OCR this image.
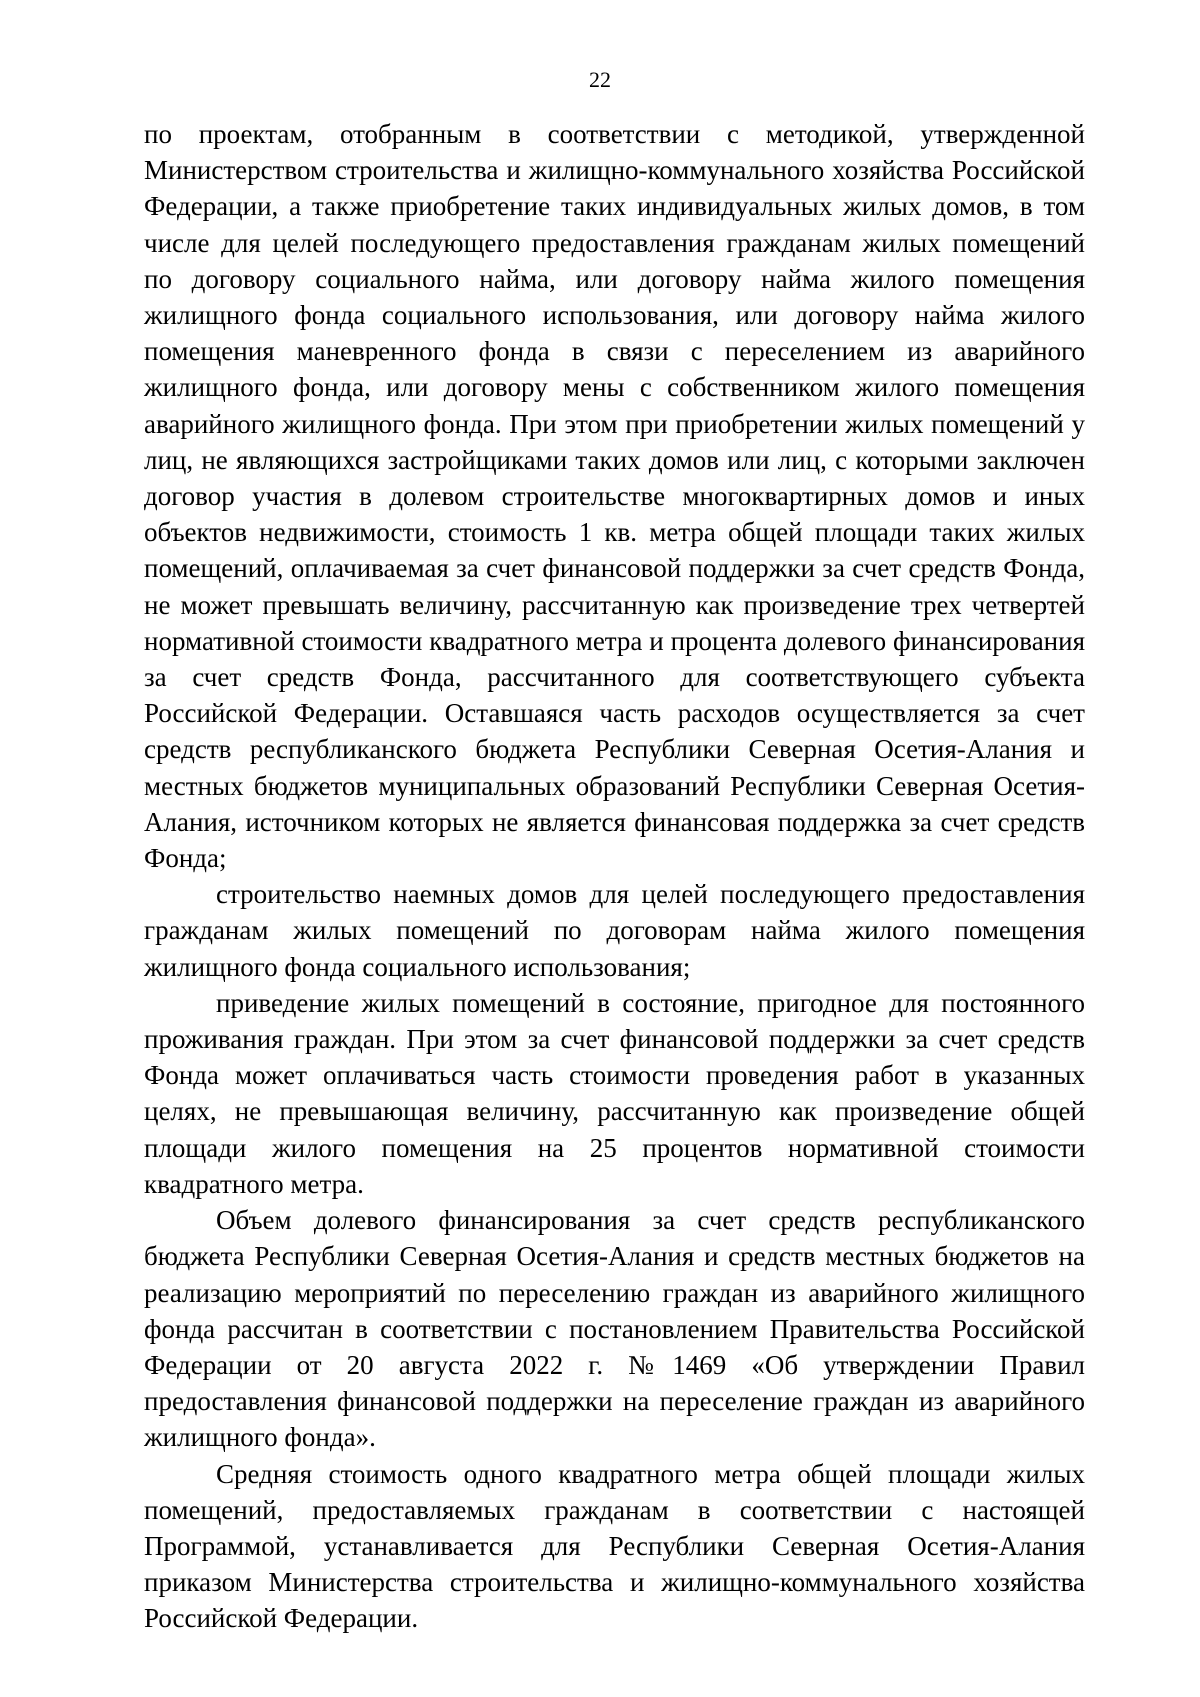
22

по проектам, отобранным в соответствии с методикой, утвержденной Министерством строительства и жилищно-коммунального хозяйства Российской Федерации, а также приобретение таких индивидуальных жилых домов, в том числе для целей последующего предоставления гражданам жилых помещений по договору социального найма, или договору найма жилого помещения жилищного фонда социального использования, или договору найма жилого помещения маневренного фонда в связи с переселением из аварийного жилищного фонда, или договору мены с собственником жилого помещения аварийного жилищного фонда. При этом при приобретении жилых помещений у лиц, не являющихся застройщиками таких домов или лиц, с которыми заключен договор участия в долевом строительстве многоквартирных домов и иных объектов недвижимости, стоимость 1 кв. метра общей площади таких жилых помещений, оплачиваемая за счет финансовой поддержки за счет средств Фонда, не может превышать величину, рассчитанную как произведение трех четвертей нормативной стоимости квадратного метра и процента долевого финансирования за счет средств Фонда, рассчитанного для соответствующего субъекта Российской Федерации. Оставшаяся часть расходов осуществляется за счет средств республиканского бюджета Республики Северная Осетия-Алания и местных бюджетов муниципальных образований Республики Северная Осетия-Алания, источником которых не является финансовая поддержка за счет средств Фонда;

строительство наемных домов для целей последующего предоставления гражданам жилых помещений по договорам найма жилого помещения жилищного фонда социального использования;

приведение жилых помещений в состояние, пригодное для постоянного проживания граждан. При этом за счет финансовой поддержки за счет средств Фонда может оплачиваться часть стоимости проведения работ в указанных целях, не превышающая величину, рассчитанную как произведение общей площади жилого помещения на 25 процентов нормативной стоимости квадратного метра.

Объем долевого финансирования за счет средств республиканского бюджета Республики Северная Осетия-Алания и средств местных бюджетов на реализацию мероприятий по переселению граждан из аварийного жилищного фонда рассчитан в соответствии с постановлением Правительства Российской Федерации от 20 августа 2022 г. №1469 «Об утверждении Правил предоставления финансовой поддержки на переселение граждан из аварийного жилищного фонда».

Средняя стоимость одного квадратного метра общей площади жилых помещений, предоставляемых гражданам в соответствии с настоящей Программой, устанавливается для Республики Северная Осетия-Алания приказом Министерства строительства и жилищно-коммунального хозяйства Российской Федерации.
